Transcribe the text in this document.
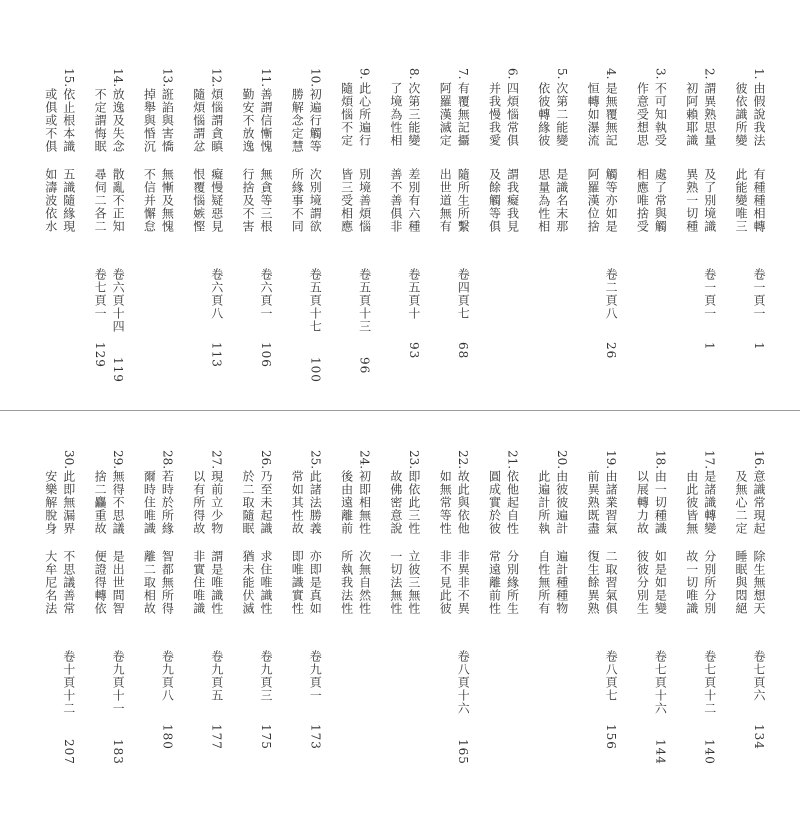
1.
由假說我法
彼依識所變
有種種相轉
此能變唯三
卷一頁一
1
2.
謂異熟思量
初阿賴耶識
及了別境識
異熟一切種
卷一頁一
1
3.
不可知執受
作意受想思
處了常與觸
相應唯捨受
4.
是無覆無記
恒轉如瀑流
觸等亦如是
阿羅漢位捨
卷二頁八
26
5.
次第二能變
依彼轉緣彼
是識名末那
思量為性相
6.
四煩惱常俱
并我慢我愛
謂我癡我見
及餘觸等俱
7.
有覆無記攝
阿羅漢滅定
隨所生所繫
出世道無有
卷四頁七
68
8.
次第三能變
了境為性相
差別有六種
善不善俱非
卷五頁十
93
9.
此心所遍行
隨煩惱不定
別境善煩惱
皆三受相應
卷五頁十三
96
10.
初遍行觸等
勝解念定慧
次別境謂欲
所緣事不同
卷五頁十七
100
11.
善謂信慚愧
勤安不放逸
無貪等三根
行捨及不害
卷六頁一
106
12.
煩惱謂貪瞋
隨煩惱謂忿
癡慢疑惡見
恨覆惱嫉慳
卷六頁八
113
13.
誑諂與害憍
掉舉與惛沉
無慚及無愧
不信并懈怠
14.
放逸及失念
不定謂悔眠
散亂不正知
尋伺二各二
卷六頁十四
119
卷七頁一
129
15.
依止根本識
或俱或不俱
五識隨緣現
如濤波依水
16.
意識常現起
及無心二定
除生無想天
睡眠與悶絕
卷七頁六
134
17.
是諸識轉變
由此彼皆無
分別所分別
故一切唯識
卷七頁十二
140
18.
由一切種識
以展轉力故
如是如是變
彼彼分別生
卷七頁十六
144
19.
由諸業習氣
前異熟既盡
二取習氣俱
復生餘異熟
卷八頁七
156
20.
由彼彼遍計
此遍計所執
遍計種種物
自性無所有
21.
依他起自性
圓成實於彼
分別緣所生
常遠離前性
22.
故此與依他
如無常等性
非異非不異
非不見此彼
卷八頁十六
165
23.
即依此三性
故佛密意說
立彼三無性
一切法無性
24.
初即相無性
後由遠離前
次無自然性
所執我法性
25.
此諸法勝義
常如其性故
亦即是真如
即唯識實性
卷九頁一
173
26.
乃至未起識
於二取隨眠
求住唯識性
猶未能伏滅
卷九頁三
175
27.
現前立少物
以有所得故
謂是唯識性
非實住唯識
卷九頁五
177
28.
若時於所緣
爾時住唯識
智都無所得
離二取相故
卷九頁八
180
29.
無得不思議
捨二麤重故
是出世間智
便證得轉依
卷九頁十一
183
30.
此即無漏界
安樂解脫身
不思議善常
大牟尼名法
卷十頁十二
207
